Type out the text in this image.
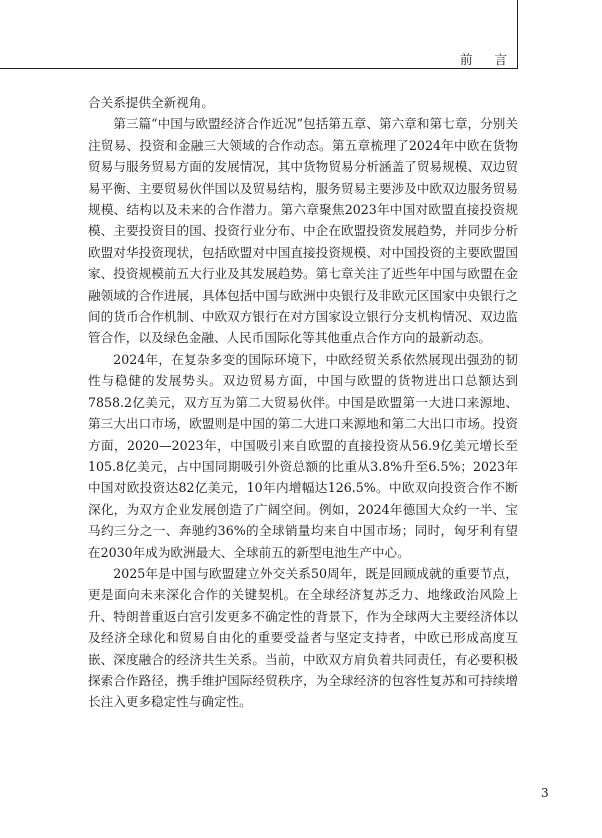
前言

合关系提供全新视角。

第三篇“中国与欧盟经济合作近况”包括第五章、第六章和第七章，分别关注贸易、投资和金融三大领域的合作动态。第五章梳理了2024年中欧在货物贸易与服务贸易方面的发展情况，其中货物贸易分析涵盖了贸易规模、双边贸易平衡、主要贸易伙伴国以及贸易结构，服务贸易主要涉及中欧双边服务贸易规模、结构以及未来的合作潜力。第六章聚焦2023年中国对欧盟直接投资规模、主要投资目的国、投资行业分布、中企在欧盟投资发展趋势，并同步分析欧盟对华投资现状，包括欧盟对中国直接投资规模、对中国投资的主要欧盟国家、投资规模前五大行业及其发展趋势。第七章关注了近些年中国与欧盟在金融领域的合作进展，具体包括中国与欧洲中央银行及非欧元区国家中央银行之间的货币合作机制、中欧双方银行在对方国家设立银行分支机构情况、双边监管合作，以及绿色金融、人民币国际化等其他重点合作方向的最新动态。

2024年，在复杂多变的国际环境下，中欧经贸关系依然展现出强劲的韧性与稳健的发展势头。双边贸易方面，中国与欧盟的货物进出口总额达到7858.2亿美元，双方互为第二大贸易伙伴。中国是欧盟第一大进口来源地、第三大出口市场，欧盟则是中国的第二大进口来源地和第二大出口市场。投资方面，2020—2023年，中国吸引来自欧盟的直接投资从56.9亿美元增长至105.8亿美元，占中国同期吸引外资总额的比重从3.8%升至6.5%；2023年中国对欧投资达82亿美元，10年内增幅达126.5%。中欧双向投资合作不断深化，为双方企业发展创造了广阔空间。例如，2024年德国大众约一半、宝马约三分之一、奔驰约36%的全球销量均来自中国市场；同时，匈牙利有望在2030年成为欧洲最大、全球前五的新型电池生产中心。

2025年是中国与欧盟建立外交关系50周年，既是回顾成就的重要节点，更是面向未来深化合作的关键契机。在全球经济复苏乏力、地缘政治风险上升、特朗普重返白宫引发更多不确定性的背景下，作为全球两大主要经济体以及经济全球化和贸易自由化的重要受益者与坚定支持者，中欧已形成高度互嵌、深度融合的经济共生关系。当前，中欧双方肩负着共同责任，有必要积极探索合作路径，携手维护国际经贸秩序，为全球经济的包容性复苏和可持续增长注入更多稳定性与确定性。

3
